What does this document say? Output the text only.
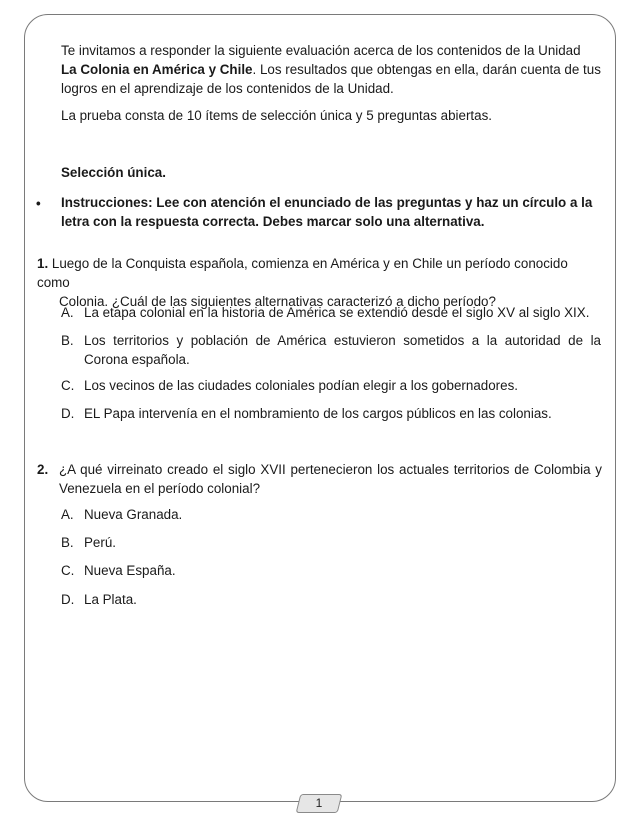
Te invitamos a responder la siguiente evaluación acerca de los contenidos de la Unidad
La Colonia en América y Chile. Los resultados que obtengas en ella, darán cuenta de tus
logros en el aprendizaje de los contenidos de la Unidad.
La prueba consta de 10 ítems de selección única y 5 preguntas abiertas.
Selección única.
• Instrucciones: Lee con atención el enunciado de las preguntas y haz un círculo a la letra con la respuesta correcta. Debes marcar solo una alternativa.
1. Luego de la Conquista española, comienza en América y en Chile un período conocido como
Colonia. ¿Cuál de las siguientes alternativas caracterizó a dicho período?
A. La etapa colonial en la historia de América se extendió desde el siglo XV al siglo XIX.
B. Los territorios y población de América estuvieron sometidos a la autoridad de la Corona española.
C. Los vecinos de las ciudades coloniales podían elegir a los gobernadores.
D. EL Papa intervenía en el nombramiento de los cargos públicos en las colonias.
2. ¿A qué virreinato creado el siglo XVII pertenecieron los actuales territorios de Colombia y Venezuela en el período colonial?
A. Nueva Granada.
B. Perú.
C. Nueva España.
D. La Plata.
1
